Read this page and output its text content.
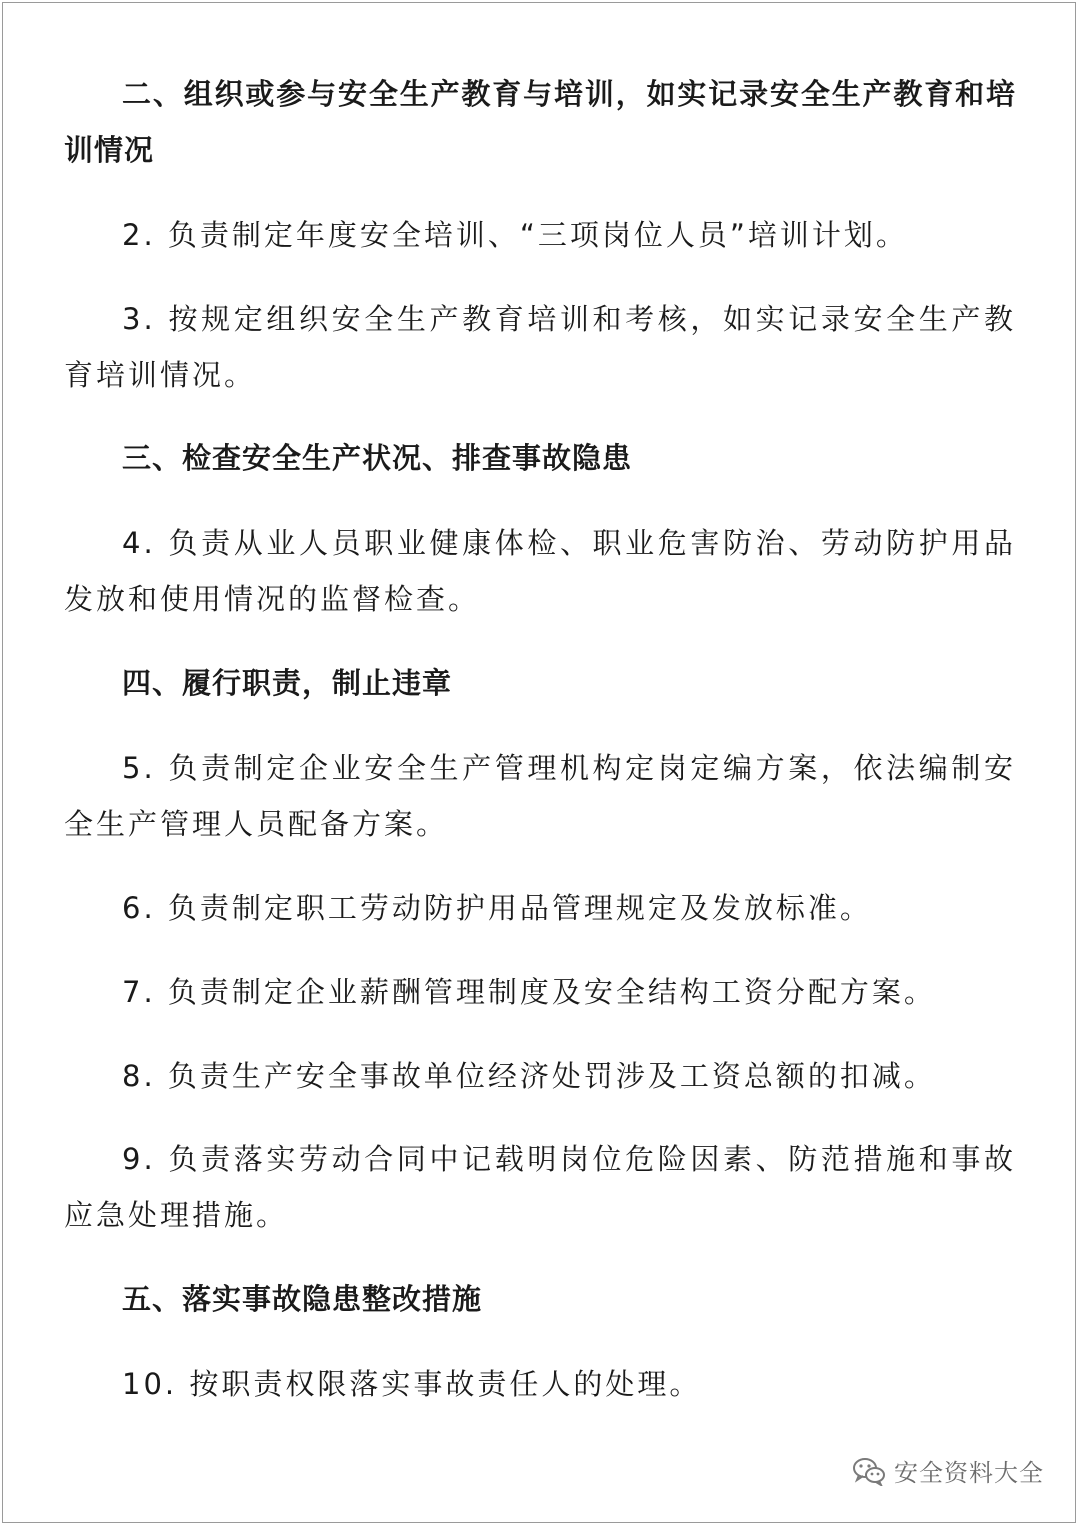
二、组织或参与安全生产教育与培训，如实记录安全生产教育和培训情况

2. 负责制定年度安全培训、“三项岗位人员”培训计划。

3. 按规定组织安全生产教育培训和考核，如实记录安全生产教育培训情况。

三、检查安全生产状况、排查事故隐患

4. 负责从业人员职业健康体检、职业危害防治、劳动防护用品发放和使用情况的监督检查。

四、履行职责，制止违章

5. 负责制定企业安全生产管理机构定岗定编方案，依法编制安全生产管理人员配备方案。

6. 负责制定职工劳动防护用品管理规定及发放标准。

7. 负责制定企业薪酬管理制度及安全结构工资分配方案。

8. 负责生产安全事故单位经济处罚涉及工资总额的扣减。

9. 负责落实劳动合同中记载明岗位危险因素、防范措施和事故应急处理措施。

五、落实事故隐患整改措施

10. 按职责权限落实事故责任人的处理。

安全资料大全
